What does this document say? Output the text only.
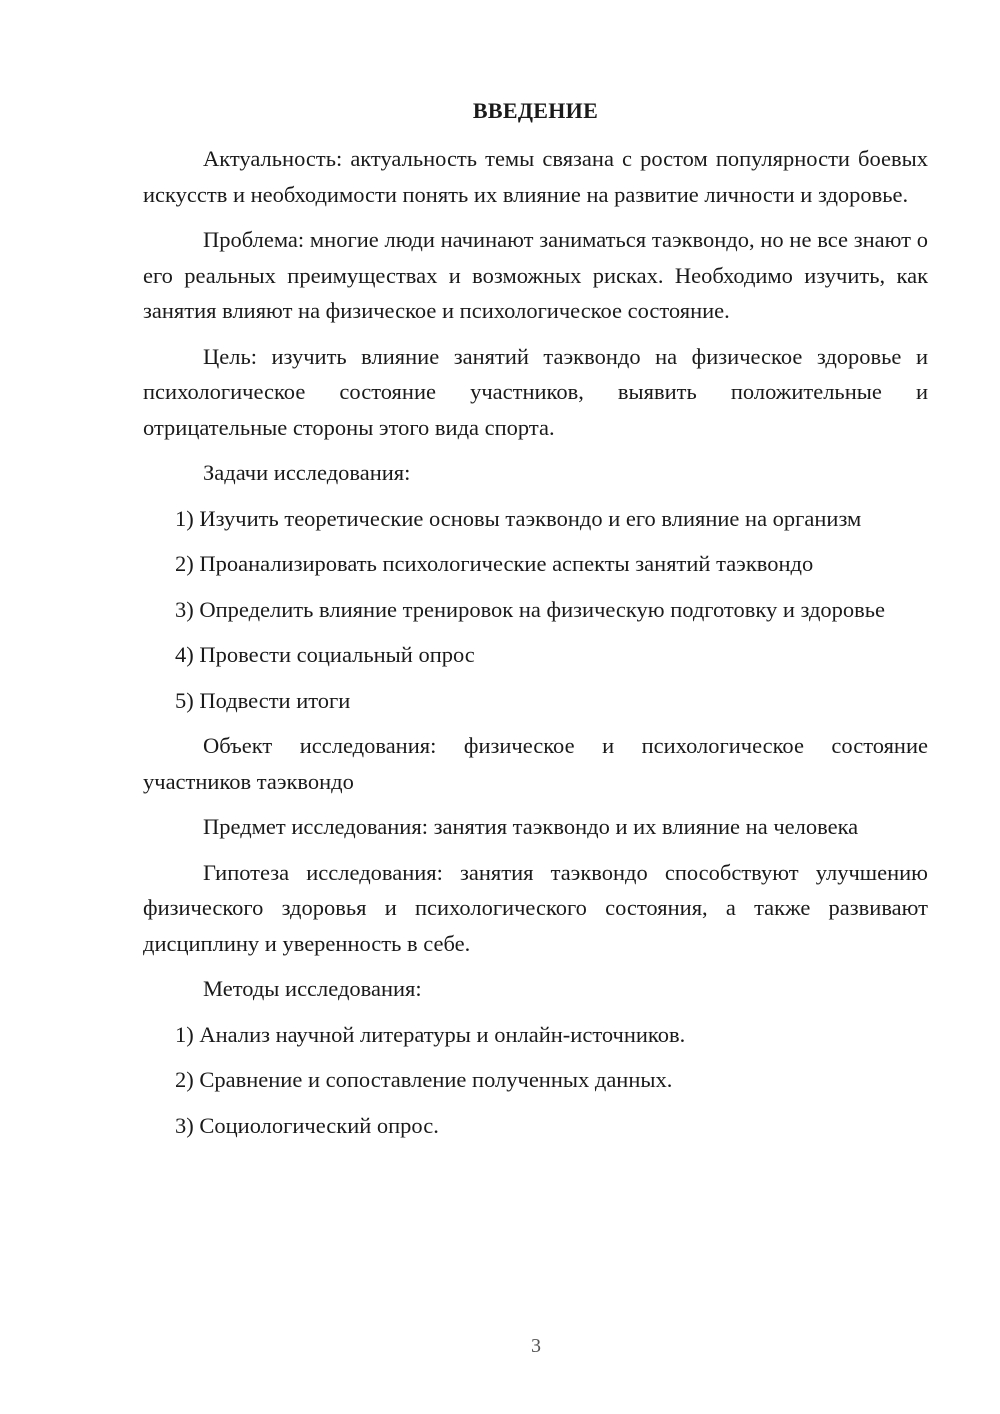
ВВЕДЕНИЕ

Актуальность: актуальность темы связана с ростом популярности боевых искусств и необходимости понять их влияние на развитие личности и здоровье.

Проблема: многие люди начинают заниматься таэквондо, но не все знают о его реальных преимуществах и возможных рисках. Необходимо изучить, как занятия влияют на физическое и психологическое состояние.

Цель: изучить влияние занятий таэквондо на физическое здоровье и психологическое состояние участников, выявить положительные и отрицательные стороны этого вида спорта.

Задачи исследования:

1) Изучить теоретические основы таэквондо и его влияние на организм

2) Проанализировать психологические аспекты занятий таэквондо

3) Определить влияние тренировок на физическую подготовку и здоровье

4) Провести социальный опрос

5) Подвести итоги

Объект исследования: физическое и психологическое состояние участников таэквондо

Предмет исследования: занятия таэквондо и их влияние на человека

Гипотеза исследования: занятия таэквондо способствуют улучшению физического здоровья и психологического состояния, а также развивают дисциплину и уверенность в себе.

Методы исследования:

1) Анализ научной литературы и онлайн-источников.

2) Сравнение и сопоставление полученных данных.

3) Социологический опрос.

3
